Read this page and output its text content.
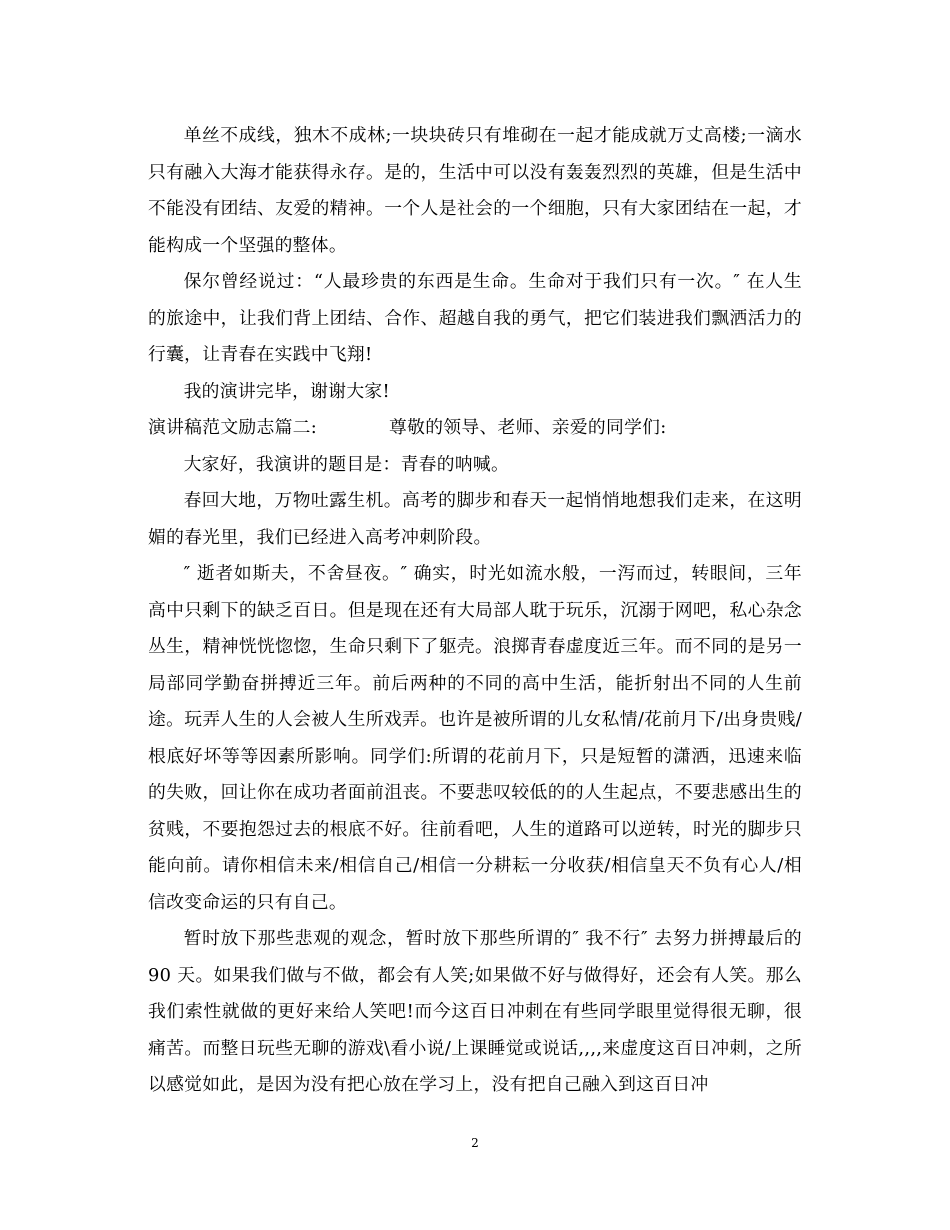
单丝不成线，独木不成林;一块块砖只有堆砌在一起才能成就万丈高楼;一滴水只有融入大海才能获得永存。是的，生活中可以没有轰轰烈烈的英雄，但是生活中不能没有团结、友爱的精神。一个人是社会的一个细胞，只有大家团结在一起，才能构成一个坚强的整体。

保尔曾经说过：“人最珍贵的东西是生命。生命对于我们只有一次。″ 在人生的旅途中，让我们背上团结、合作、超越自我的勇气，把它们装进我们飘洒活力的行囊，让青春在实践中飞翔!

我的演讲完毕，谢谢大家!

演讲稿范文励志篇二:	尊敬的领导、老师、亲爱的同学们:

大家好，我演讲的题目是：青春的呐喊。

春回大地，万物吐露生机。高考的脚步和春天一起悄悄地想我们走来，在这明媚的春光里，我们已经进入高考冲刺阶段。

″ 逝者如斯夫，不舍昼夜。″ 确实，时光如流水般，一泻而过，转眼间，三年高中只剩下的缺乏百日。但是现在还有大局部人耽于玩乐，沉溺于网吧，私心杂念丛生，精神恍恍惚惚，生命只剩下了躯壳。浪掷青春虚度近三年。而不同的是另一局部同学勤奋拼搏近三年。前后两种的不同的高中生活，能折射出不同的人生前途。玩弄人生的人会被人生所戏弄。也许是被所谓的儿女私情/花前月下/出身贵贱/根底好坏等等因素所影响。同学们:所谓的花前月下，只是短暂的潇洒，迅速来临的失败，回让你在成功者面前沮丧。不要悲叹较低的的人生起点，不要悲感出生的贫贱，不要抱怨过去的根底不好。往前看吧，人生的道路可以逆转，时光的脚步只能向前。请你相信未来/相信自己/相信一分耕耘一分收获/相信皇天不负有心人/相信改变命运的只有自己。

暂时放下那些悲观的观念，暂时放下那些所谓的″ 我不行″ 去努力拼搏最后的 90 天。如果我们做与不做，都会有人笑;如果做不好与做得好，还会有人笑。那么我们索性就做的更好来给人笑吧!而今这百日冲刺在有些同学眼里觉得很无聊，很痛苦。而整日玩些无聊的游戏\看小说/上课睡觉或说话,,,,来虚度这百日冲刺，之所以感觉如此，是因为没有把心放在学习上，没有把自己融入到这百日冲

2
